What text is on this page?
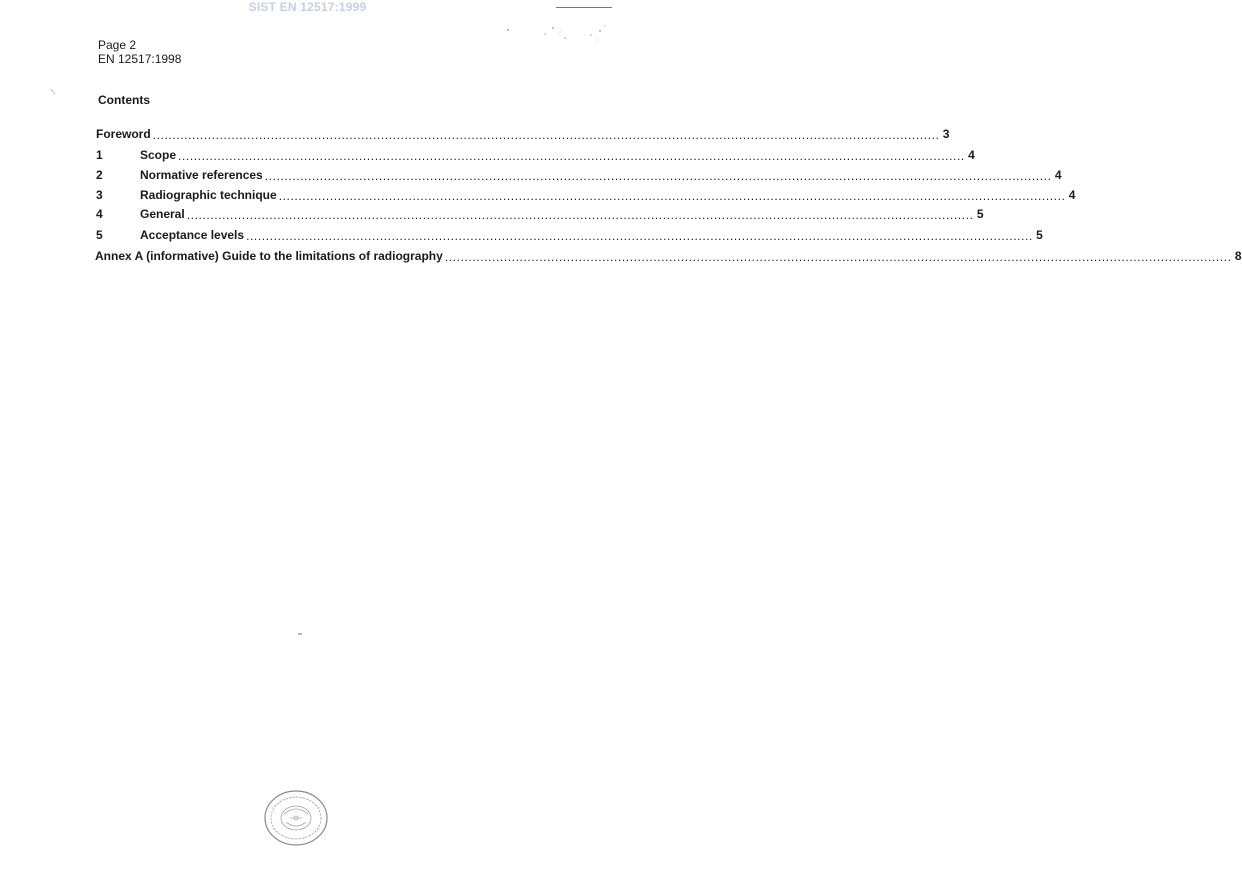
SIST EN 12517:1999
Page 2
EN 12517:1998
Contents
Foreword ........................................................................................................................................................................................................ 3
1	Scope ........................................................................................................................................................................................................ 4
2	Normative references ........................................................................................................................................................................................................ 4
3	Radiographic technique ........................................................................................................................................................................................................ 4
4	General ........................................................................................................................................................................................................ 5
5	Acceptance levels ........................................................................................................................................................................................................ 5
Annex A (informative) Guide to the limitations of radiography ........................................................................................................................................................................................................ 8
